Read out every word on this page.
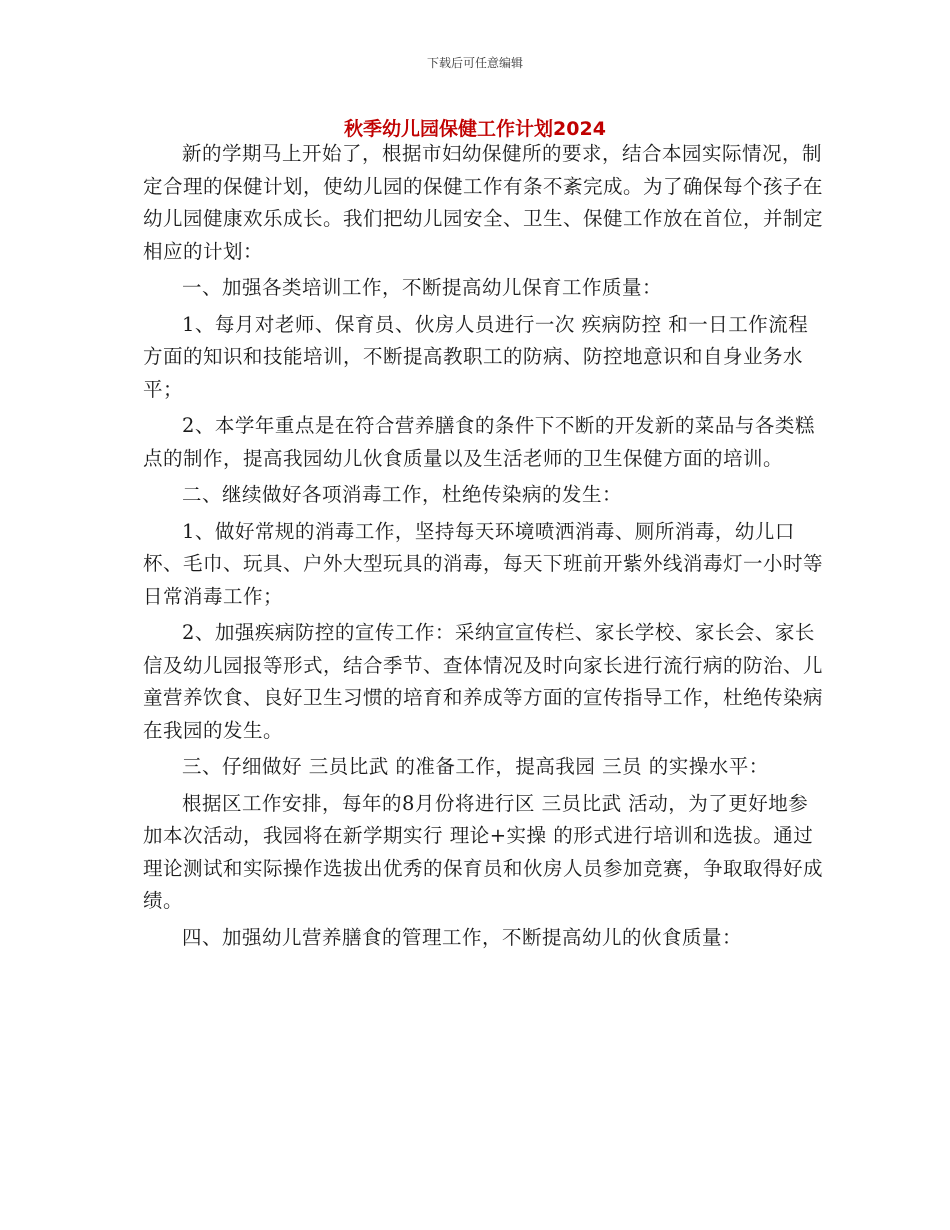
下载后可任意编辑
秋季幼儿园保健工作计划2024

新的学期马上开始了，根据市妇幼保健所的要求，结合本园实际情况，制定合理的保健计划，使幼儿园的保健工作有条不紊完成。为了确保每个孩子在幼儿园健康欢乐成长。我们把幼儿园安全、卫生、保健工作放在首位，并制定相应的计划：

一、加强各类培训工作，不断提高幼儿保育工作质量：

1、每月对老师、保育员、伙房人员进行一次 疾病防控 和一日工作流程方面的知识和技能培训，不断提高教职工的防病、防控地意识和自身业务水平；

2、本学年重点是在符合营养膳食的条件下不断的开发新的菜品与各类糕点的制作，提高我园幼儿伙食质量以及生活老师的卫生保健方面的培训。

二、继续做好各项消毒工作，杜绝传染病的发生：

1、做好常规的消毒工作，坚持每天环境喷洒消毒、厕所消毒，幼儿口杯、毛巾、玩具、户外大型玩具的消毒，每天下班前开紫外线消毒灯一小时等日常消毒工作；

2、加强疾病防控的宣传工作：采纳宣宣传栏、家长学校、家长会、家长信及幼儿园报等形式，结合季节、查体情况及时向家长进行流行病的防治、儿童营养饮食、良好卫生习惯的培育和养成等方面的宣传指导工作，杜绝传染病在我园的发生。

三、仔细做好 三员比武 的准备工作，提高我园 三员 的实操水平：

根据区工作安排，每年的8月份将进行区 三员比武 活动，为了更好地参加本次活动，我园将在新学期实行 理论+实操 的形式进行培训和选拔。通过理论测试和实际操作选拔出优秀的保育员和伙房人员参加竞赛，争取取得好成绩。

四、加强幼儿营养膳食的管理工作，不断提高幼儿的伙食质量：
